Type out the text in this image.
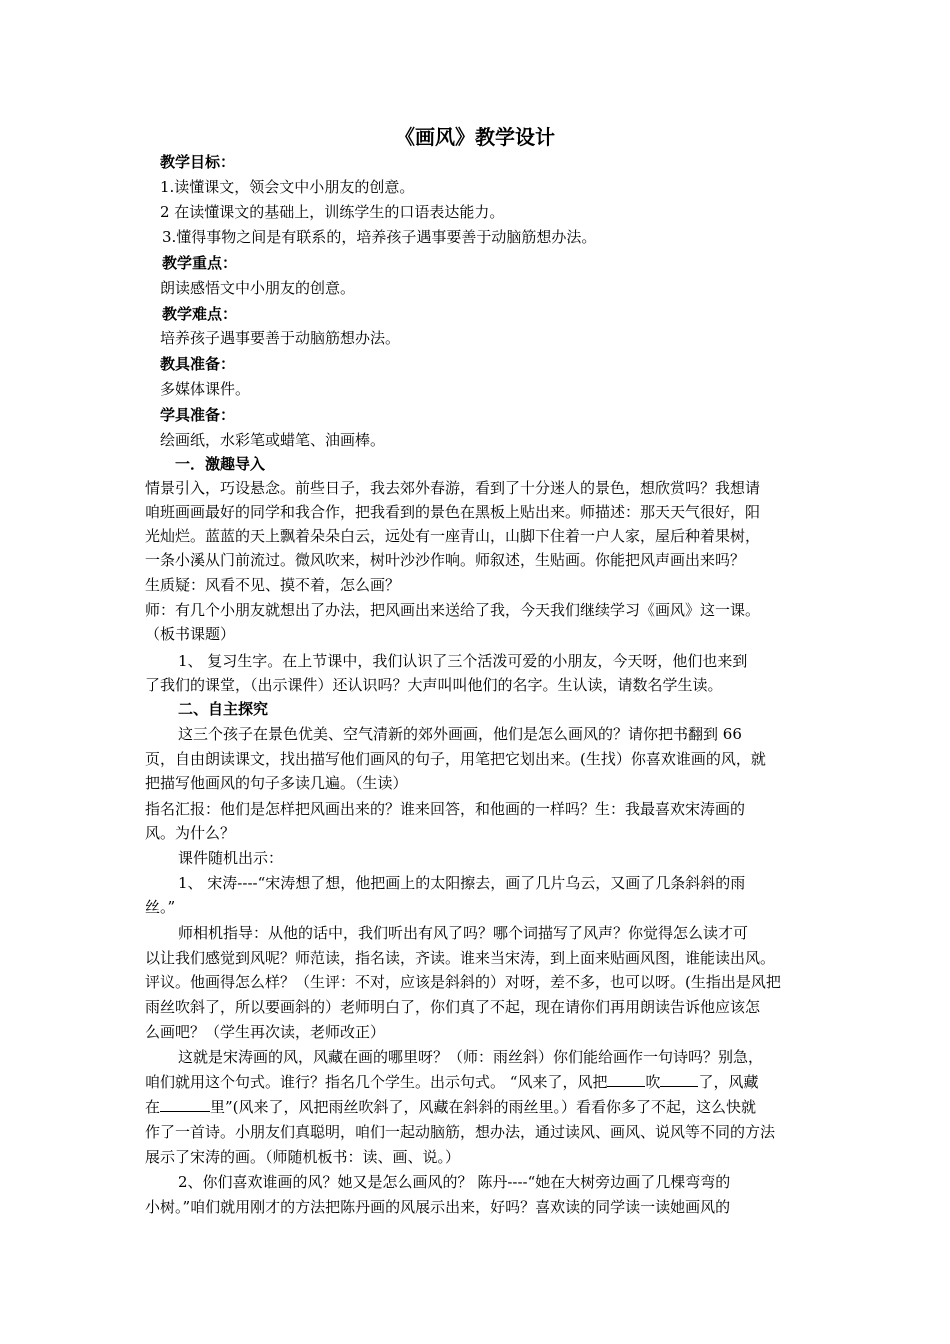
《画风》教学设计
教学目标：
1.读懂课文，领会文中小朋友的创意。
2 在读懂课文的基础上，训练学生的口语表达能力。
3.懂得事物之间是有联系的，培养孩子遇事要善于动脑筋想办法。
教学重点：
朗读感悟文中小朋友的创意。
教学难点：
培养孩子遇事要善于动脑筋想办法。
教具准备：
多媒体课件。
学具准备：
绘画纸，水彩笔或蜡笔、油画棒。
一．激趣导入
情景引入，巧设悬念。前些日子，我去郊外春游，看到了十分迷人的景色，想欣赏吗？我想请
咱班画画最好的同学和我合作，把我看到的景色在黑板上贴出来。师描述：那天天气很好，阳
光灿烂。蓝蓝的天上飘着朵朵白云，远处有一座青山，山脚下住着一户人家，屋后种着果树，
一条小溪从门前流过。微风吹来，树叶沙沙作响。师叙述，生贴画。你能把风声画出来吗？
生质疑：风看不见、摸不着，怎么画？
师：有几个小朋友就想出了办法，把风画出来送给了我，今天我们继续学习《画风》这一课。
（板书课题）
1、 复习生字。在上节课中，我们认识了三个活泼可爱的小朋友，今天呀，他们也来到
了我们的课堂，（出示课件）还认识吗？大声叫叫他们的名字。生认读，请数名学生读。
二、自主探究
这三个孩子在景色优美、空气清新的郊外画画，他们是怎么画风的？请你把书翻到 66
页，自由朗读课文，找出描写他们画风的句子，用笔把它划出来。(生找）你喜欢谁画的风，就
把描写他画风的句子多读几遍。（生读）
指名汇报：他们是怎样把风画出来的？谁来回答，和他画的一样吗？生：我最喜欢宋涛画的
风。为什么？
课件随机出示：
1、 宋涛----“宋涛想了想，他把画上的太阳擦去，画了几片乌云，又画了几条斜斜的雨
丝。”
师相机指导：从他的话中，我们听出有风了吗？哪个词描写了风声？你觉得怎么读才可
以让我们感觉到风呢？师范读，指名读，齐读。谁来当宋涛，到上面来贴画风图，谁能读出风。
评议。他画得怎么样？（生评：不对，应该是斜斜的）对呀，差不多，也可以呀。(生指出是风把
雨丝吹斜了，所以要画斜的）老师明白了，你们真了不起，现在请你们再用朗读告诉他应该怎
么画吧？（学生再次读，老师改正）
这就是宋涛画的风，风藏在画的哪里呀？（师：雨丝斜）你们能给画作一句诗吗？别急，
咱们就用这个句式。谁行？指名几个学生。出示句式。 “风来了，风把	吹	了，风藏
在	里”(风来了，风把雨丝吹斜了，风藏在斜斜的雨丝里。）看看你多了不起，这么快就
作了一首诗。小朋友们真聪明，咱们一起动脑筋，想办法，通过读风、画风、说风等不同的方法
展示了宋涛的画。（师随机板书：读、画、说。）
2、你们喜欢谁画的风？她又是怎么画风的？ 陈丹----“她在大树旁边画了几棵弯弯的
小树。”咱们就用刚才的方法把陈丹画的风展示出来，好吗？喜欢读的同学读一读她画风的
